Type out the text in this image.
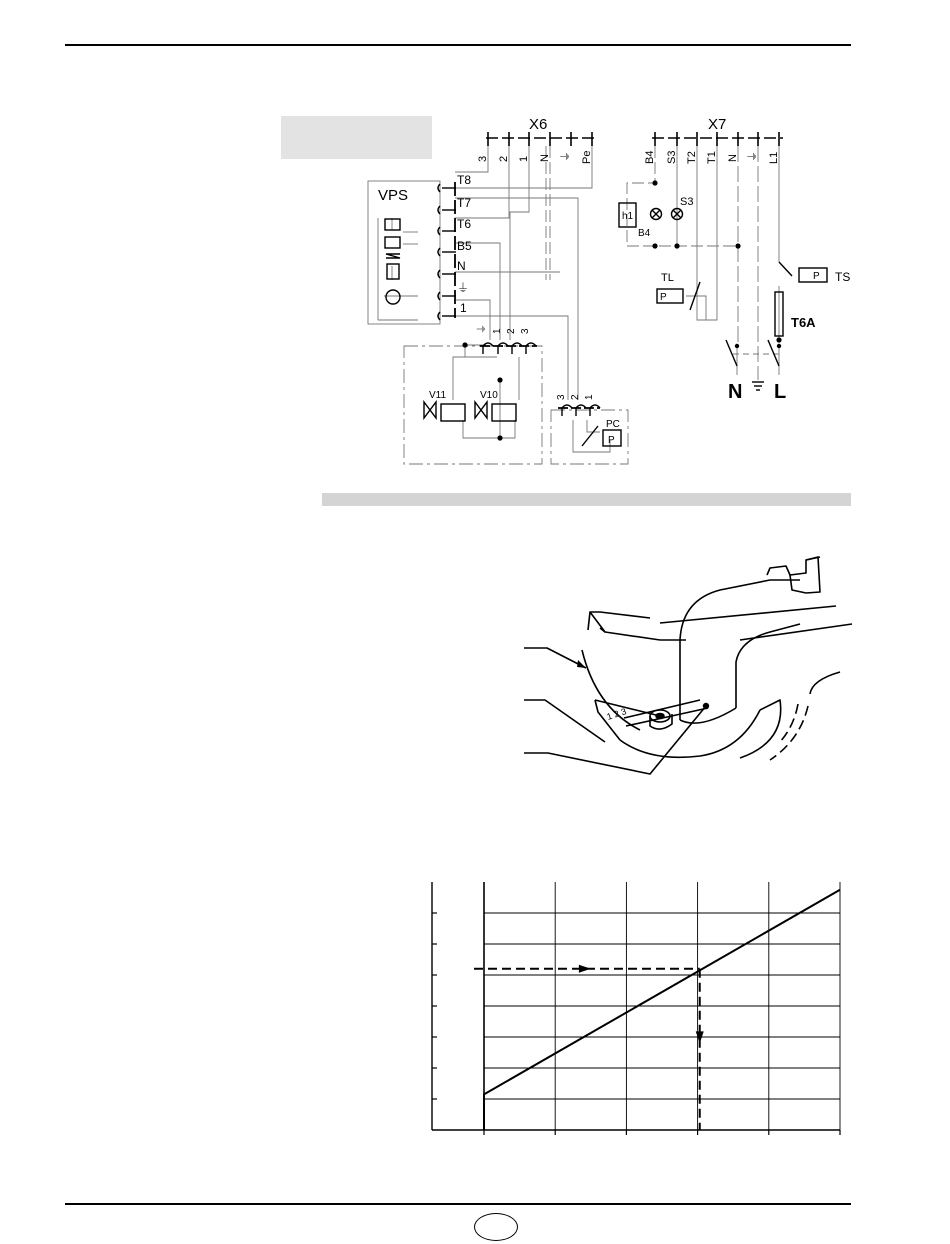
X6	X7
3 2 1 N ⏚ Pe	B4 S3 T2 T1 N ⏚ L1
VPS
T8
T7
T6
B5
N
⏚
1
⏚ 1 2 3
3 2 1
V11	V10
PC
P
h1
B4
S3
TL
P
P TS
T6A
N L
1 2 3
